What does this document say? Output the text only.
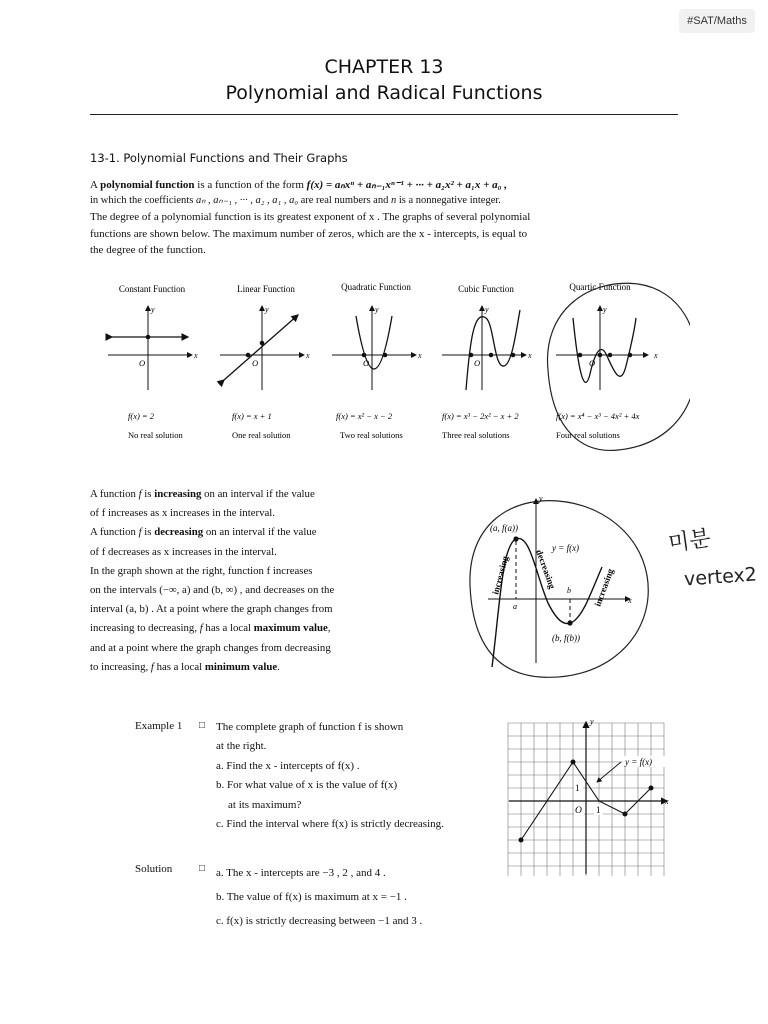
#SAT/Maths
CHAPTER 13
Polynomial and Radical Functions
13-1. Polynomial Functions and Their Graphs
A polynomial function is a function of the form f(x) = aₙxⁿ + aₙ₋₁xⁿ⁻¹ + ··· + a₂x² + a₁x + a₀ ,
in which the coefficients aₙ , aₙ₋₁ , ··· , a₂ , a₁ , a₀ are real numbers and n is a nonnegative integer.
The degree of a polynomial function is its greatest exponent of x . The graphs of several polynomial
functions are shown below. The maximum number of zeros, which are the x - intercepts, is equal to
the degree of the function.
Constant Function	Linear Function	Quadratic Function	Cubic Function	Quartic Function
O
x
y
O
x
y
O
x
y
O
x
y
O
x
y
f(x) = 2	f(x) = x + 1	f(x) = x² − x − 2	f(x) = x³ − 2x² − x + 2	f(x) = x⁴ − x³ − 4x² + 4x
No real solution	One real solution	Two real solutions	Three real solutions	Four real solutions
A function f is increasing on an interval if the value
of f increases as x increases in the interval.
A function f is decreasing on an interval if the value
of f decreases as x increases in the interval.
In the graph shown at the right, function f increases
on the intervals (−∞, a) and (b, ∞) , and decreases on the
interval (a, b) . At a point where the graph changes from
increasing to decreasing, f has a local maximum value,
and at a point where the graph changes from decreasing
to increasing, f has a local minimum value.
(a, f(a))
(b, f(b))
y = f(x)
a
b
y
x
increasing	decreasing	increasing
미분
vertex2
Example 1 □ The complete graph of function f is shown
at the right.
a. Find the x - intercepts of f(x) .
b. For what value of x is the value of f(x)
at its maximum?
c. Find the interval where f(x) is strictly decreasing.
Solution	□ a. The x - intercepts are −3 , 2 , and 4 .
b. The value of f(x) is maximum at x = −1 .
c. f(x) is strictly decreasing between −1 and 3 .
y = f(x)
1
1
O
x
y
